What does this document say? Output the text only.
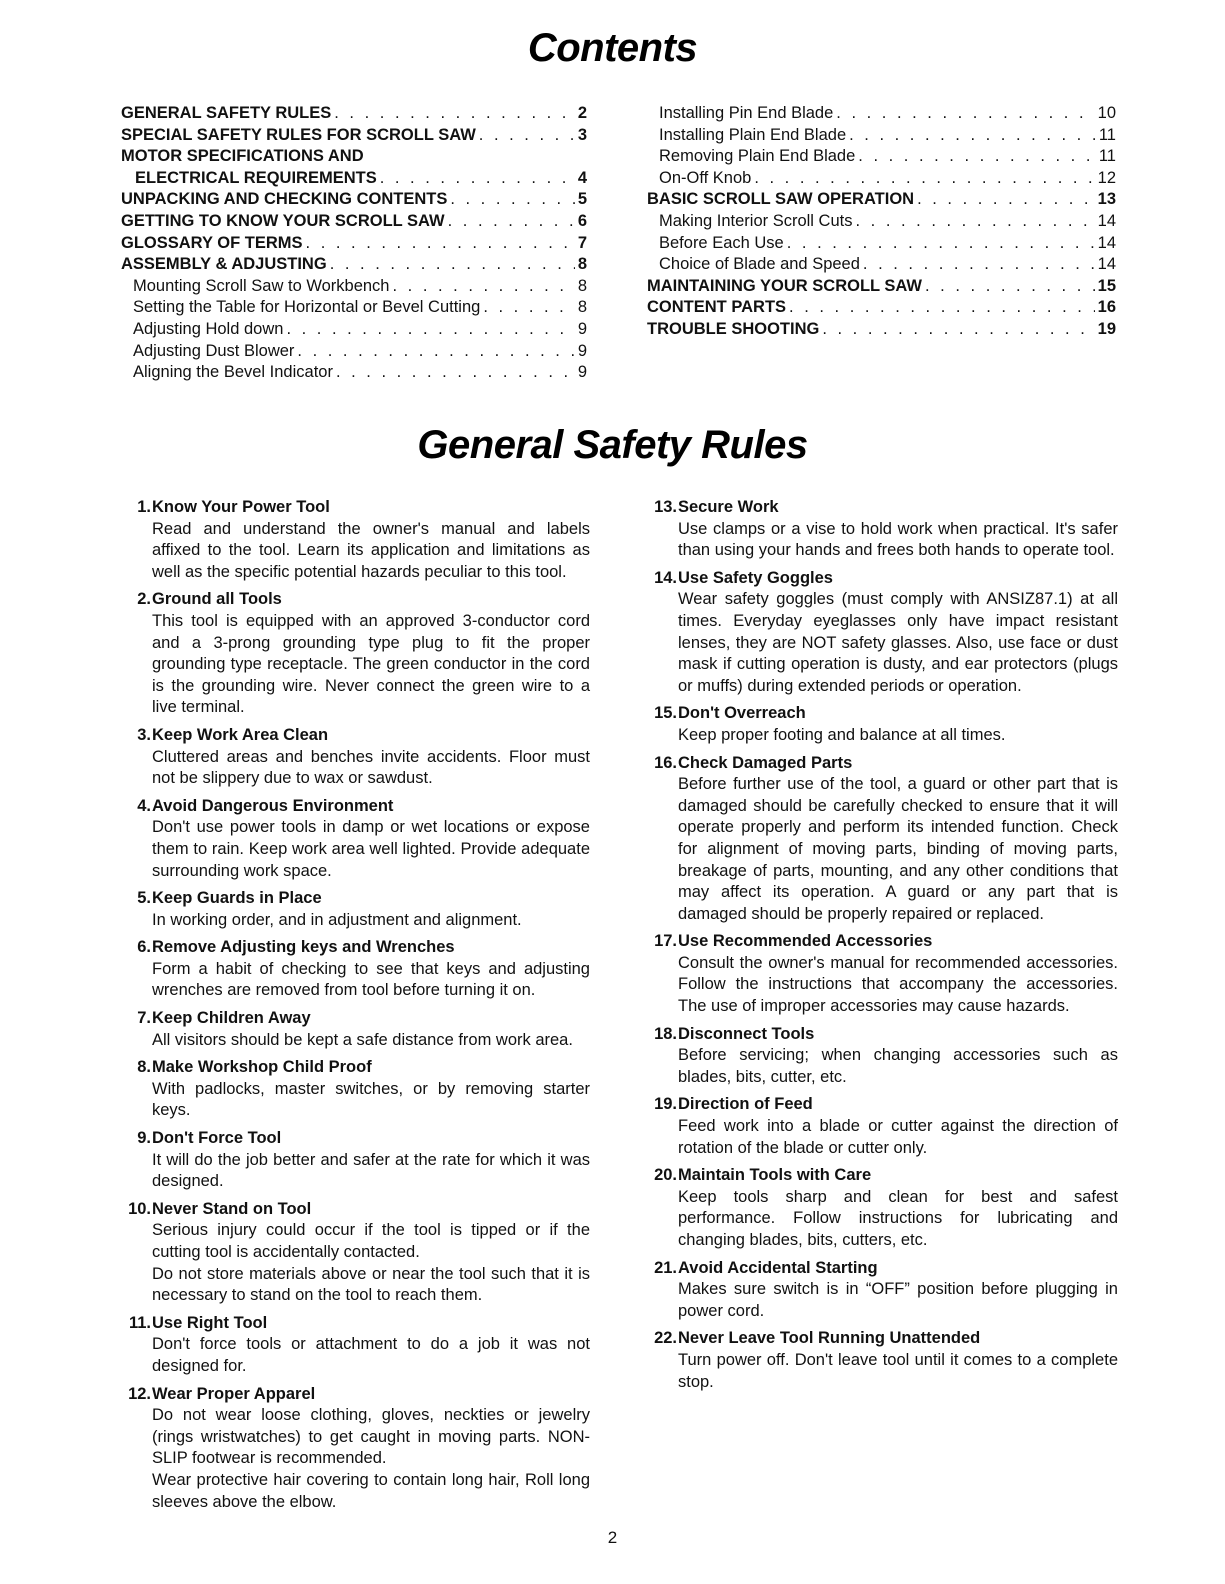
Contents
GENERAL SAFETY RULES . . .	2
SPECIAL SAFETY RULES FOR SCROLL SAW . . .	3
MOTOR SPECIFICATIONS AND
ELECTRICAL REQUIREMENTS . . .	4
UNPACKING AND CHECKING CONTENTS . . .	5
GETTING TO KNOW YOUR SCROLL SAW . . .	6
GLOSSARY OF TERMS . . .	7
ASSEMBLY & ADJUSTING . . .	8
Mounting Scroll Saw to Workbench . . .	8
Setting the Table for Horizontal or Bevel Cutting . . .	8
Adjusting Hold down . . .	9
Adjusting Dust Blower . . .	9
Aligning the Bevel Indicator . . .	9
Installing Pin End Blade . . .	10
Installing Plain End Blade . . .	11
Removing Plain End Blade . . .	11
On-Off Knob . . .	12
BASIC SCROLL SAW OPERATION . . .	13
Making Interior Scroll Cuts . . .	14
Before Each Use . . .	14
Choice of Blade and Speed . . .	14
MAINTAINING YOUR SCROLL SAW . . .	15
CONTENT PARTS . . .	16
TROUBLE SHOOTING . . .	19
General Safety Rules
1. Know Your Power Tool

Read and understand the owner's manual and labels affixed to the tool. Learn its application and limitations as well as the specific potential hazards peculiar to this tool.

2. Ground all Tools

This tool is equipped with an approved 3-conductor cord and a 3-prong grounding type plug to fit the proper grounding type receptacle. The green conductor in the cord is the grounding wire. Never connect the green wire to a live terminal.

3. Keep Work Area Clean

Cluttered areas and benches invite accidents. Floor must not be slippery due to wax or sawdust.

4. Avoid Dangerous Environment

Don't use power tools in damp or wet locations or expose them to rain. Keep work area well lighted. Provide adequate surrounding work space.

5. Keep Guards in Place

In working order, and in adjustment and alignment.

6. Remove Adjusting keys and Wrenches

Form a habit of checking to see that keys and adjusting wrenches are removed from tool before turning it on.

7. Keep Children Away

All visitors should be kept a safe distance from work area.

8. Make Workshop Child Proof

With padlocks, master switches, or by removing starter keys.

9. Don't Force Tool

It will do the job better and safer at the rate for which it was designed.

10. Never Stand on Tool

Serious injury could occur if the tool is tipped or if the cutting tool is accidentally contacted.

Do not store materials above or near the tool such that it is necessary to stand on the tool to reach them.

11. Use Right Tool

Don't force tools or attachment to do a job it was not designed for.

12. Wear Proper Apparel

Do not wear loose clothing, gloves, neckties or jewelry (rings wristwatches) to get caught in moving parts. NON-SLIP footwear is recommended.

Wear protective hair covering to contain long hair, Roll long sleeves above the elbow.

13. Secure Work

Use clamps or a vise to hold work when practical. It's safer than using your hands and frees both hands to operate tool.

14. Use Safety Goggles

Wear safety goggles (must comply with ANSIZ87.1) at all times. Everyday eyeglasses only have impact resistant lenses, they are NOT safety glasses. Also, use face or dust mask if cutting operation is dusty, and ear protectors (plugs or muffs) during extended periods or operation.

15. Don't Overreach

Keep proper footing and balance at all times.

16. Check Damaged Parts

Before further use of the tool, a guard or other part that is damaged should be carefully checked to ensure that it will operate properly and perform its intended function. Check for alignment of moving parts, binding of moving parts, breakage of parts, mounting, and any other conditions that may affect its operation. A guard or any part that is damaged should be properly repaired or replaced.

17. Use Recommended Accessories

Consult the owner's manual for recommended accessories. Follow the instructions that accompany the accessories. The use of improper accessories may cause hazards.

18. Disconnect Tools

Before servicing; when changing accessories such as blades, bits, cutter, etc.

19. Direction of Feed

Feed work into a blade or cutter against the direction of rotation of the blade or cutter only.

20. Maintain Tools with Care

Keep tools sharp and clean for best and safest performance. Follow instructions for lubricating and changing blades, bits, cutters, etc.

21. Avoid Accidental Starting

Makes sure switch is in “OFF” position before plugging in power cord.

22. Never Leave Tool Running Unattended

Turn power off. Don't leave tool until it comes to a complete stop.

2
